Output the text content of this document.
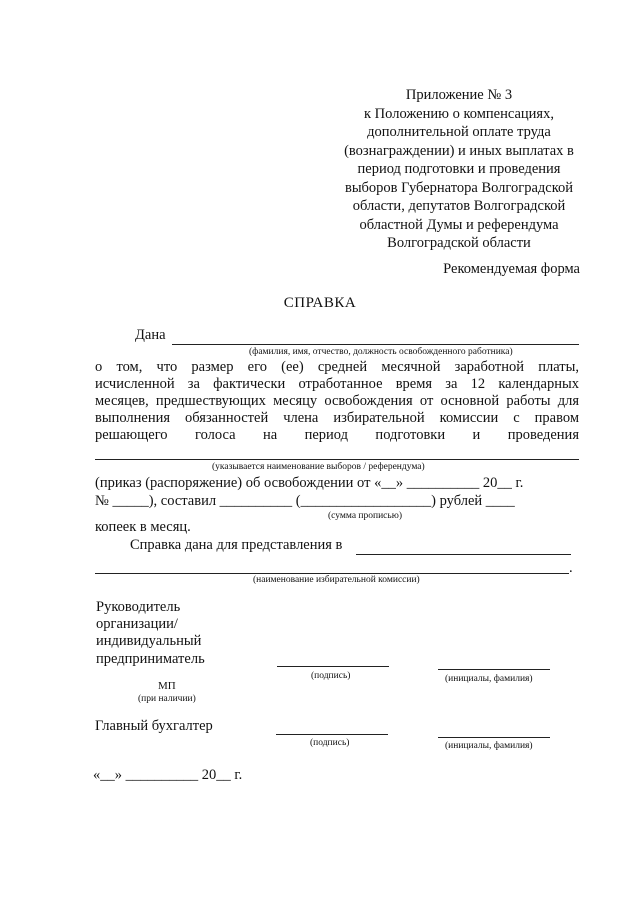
Приложение № 3
к Положению о компенсациях,
дополнительной оплате труда
(вознаграждении) и иных выплатах в
период подготовки и проведения
выборов Губернатора Волгоградской
области, депутатов Волгоградской
областной Думы и референдума
Волгоградской области
Рекомендуемая форма
СПРАВКА
Дана
(фамилия, имя, отчество, должность освобожденного работника)
о том, что размер его (ее) средней месячной заработной платы,
исчисленной за фактически отработанное время за 12 календарных
месяцев, предшествующих месяцу освобождения от основной работы для
выполнения обязанностей члена избирательной комиссии с правом
решающего голоса на период подготовки и проведения
(указывается наименование выборов / референдума)
(приказ (распоряжение) об освобождении от «__» __________ 20__ г.
№ _____), составил __________ (__________________) рублей ____
(сумма прописью)
копеек в месяц.
Справка дана для представления в
.
(наименование избирательной комиссии)
Руководитель
организации/
индивидуальный
предприниматель
(подпись)	(инициалы, фамилия)
МП
(при наличии)
Главный бухгалтер
(подпись)	(инициалы, фамилия)
«__» __________ 20__ г.
